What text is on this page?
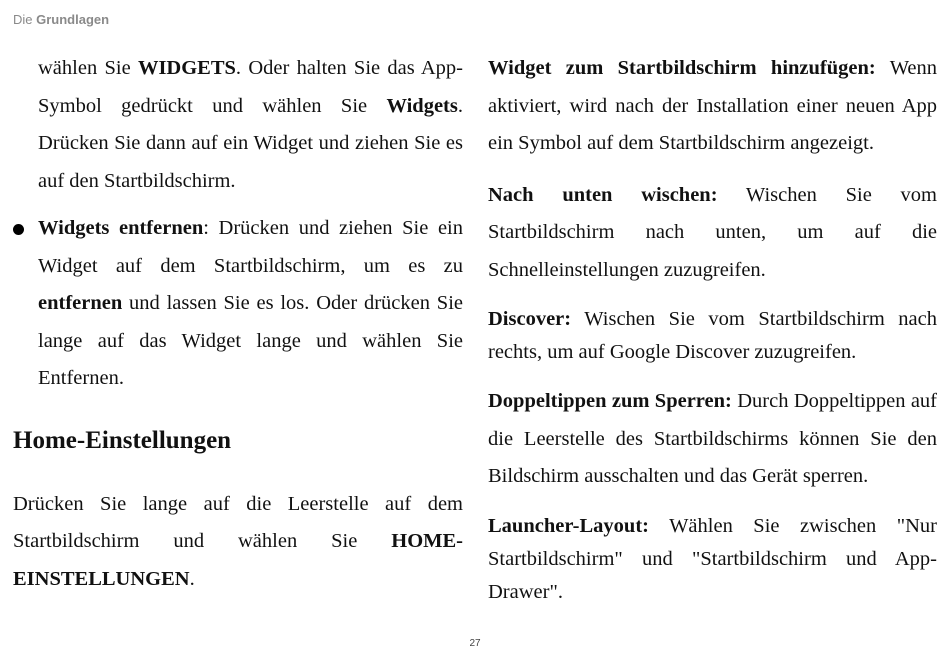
Die Grundlagen

wählen Sie WIDGETS. Oder halten Sie das App-Symbol gedrückt und wählen Sie Widgets. Drücken Sie dann auf ein Widget und ziehen Sie es auf den Startbildschirm.

Widgets entfernen: Drücken und ziehen Sie ein Widget auf dem Startbildschirm, um es zu entfernen und lassen Sie es los. Oder drücken Sie lange auf das Widget lange und wählen Sie Entfernen.
Home-Einstellungen

Drücken Sie lange auf die Leerstelle auf dem Startbildschirm und wählen Sie HOME-EINSTELLUNGEN.

Widget zum Startbildschirm hinzufügen: Wenn aktiviert, wird nach der Installation einer neuen App ein Symbol auf dem Startbildschirm angezeigt.

Nach unten wischen: Wischen Sie vom Startbildschirm nach unten, um auf die Schnelleinstellungen zuzugreifen.

Discover: Wischen Sie vom Startbildschirm nach rechts, um auf Google Discover zuzugreifen.

Doppeltippen zum Sperren: Durch Doppeltippen auf die Leerstelle des Startbildschirms können Sie den Bildschirm ausschalten und das Gerät sperren.

Launcher-Layout: Wählen Sie zwischen "Nur Startbildschirm" und "Startbildschirm und App-Drawer".

27
